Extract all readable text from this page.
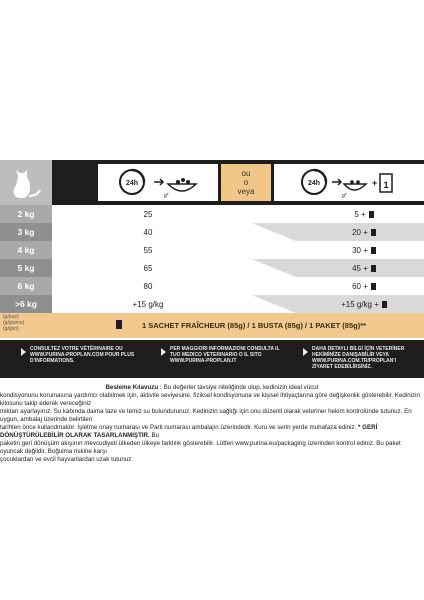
24h
g*
ou
o
veya
24h
g*
+ 1
2 kg	25	5 +
3 kg	40	20 +
4 kg	55	30 +
5 kg	65	45 +
6 kg	80	60 +
>6 kg	+15 g/kg	+15 g/kg +
(g/jour)
(g/giorno)
(g/gün)	1 SACHET FRAÎCHEUR (85g) / 1 BUSTA (85g) / 1 PAKET (85g)**
CONSULTEZ VOTRE VÉTÉRINAIRE OU WWW.PURINA-PROPLAN.COM POUR PLUS D'INFORMATIONS.
PER MAGGIORI INFORMAZIONI CONSULTA IL TUO MEDICO VETERINARIO O IL SITO WWW.PURINA-PROPLAN.IT
DAHA DETAYLI BİLGİ İÇİN VETERİNER HEKİMİNİZE DANIŞABİLİR VEYA WWW.PURINA.COM.TR/PROPLAN'I ZİYARET EDEBİLİRSİNİZ.
Besleme Kılavuzu : Bu değerler tavsiye niteliğinde olup, kedinizin ideal vücut
kondisyonunu korumasına yardımcı olabilmek için, aktivite seviyesine, fiziksel kondisyonuna ve kişisel ihtiyaçlarına göre değişkenlik gösterebilir. Kedinizin kilosunu takip ederek vereceğiniz
miktarı ayarlayınız. Su kabında daima taze ve temiz su bulundurunuz. Kedinizin sağlığı için onu düzenli olarak veteriner hekim kontrolünde tutunuz. En uygun, ambalaj üzerinde belirtilen
tarihten önce kullandmaldır. İşletme onay numarası ve Parti numarası ambalajın üzerindedir. Kuru ve serin yerde muhafaza ediniz. * GERİ DÖNÜŞTÜRÜLEBİLİR OLARAK TASARLANMIŞTIR. Bu
paketin geri dönüşüm akışının mevcudiyeti ülkeden ülkeye farklılık gösterebilir. Lütfen www.purina.eu/packaging üzerinden kontrol ediniz. Bu paket oyuncak değildir. Boğulma riskine karşı
çocuklardan ve evcil hayvanlardan uzak tutunuz.
